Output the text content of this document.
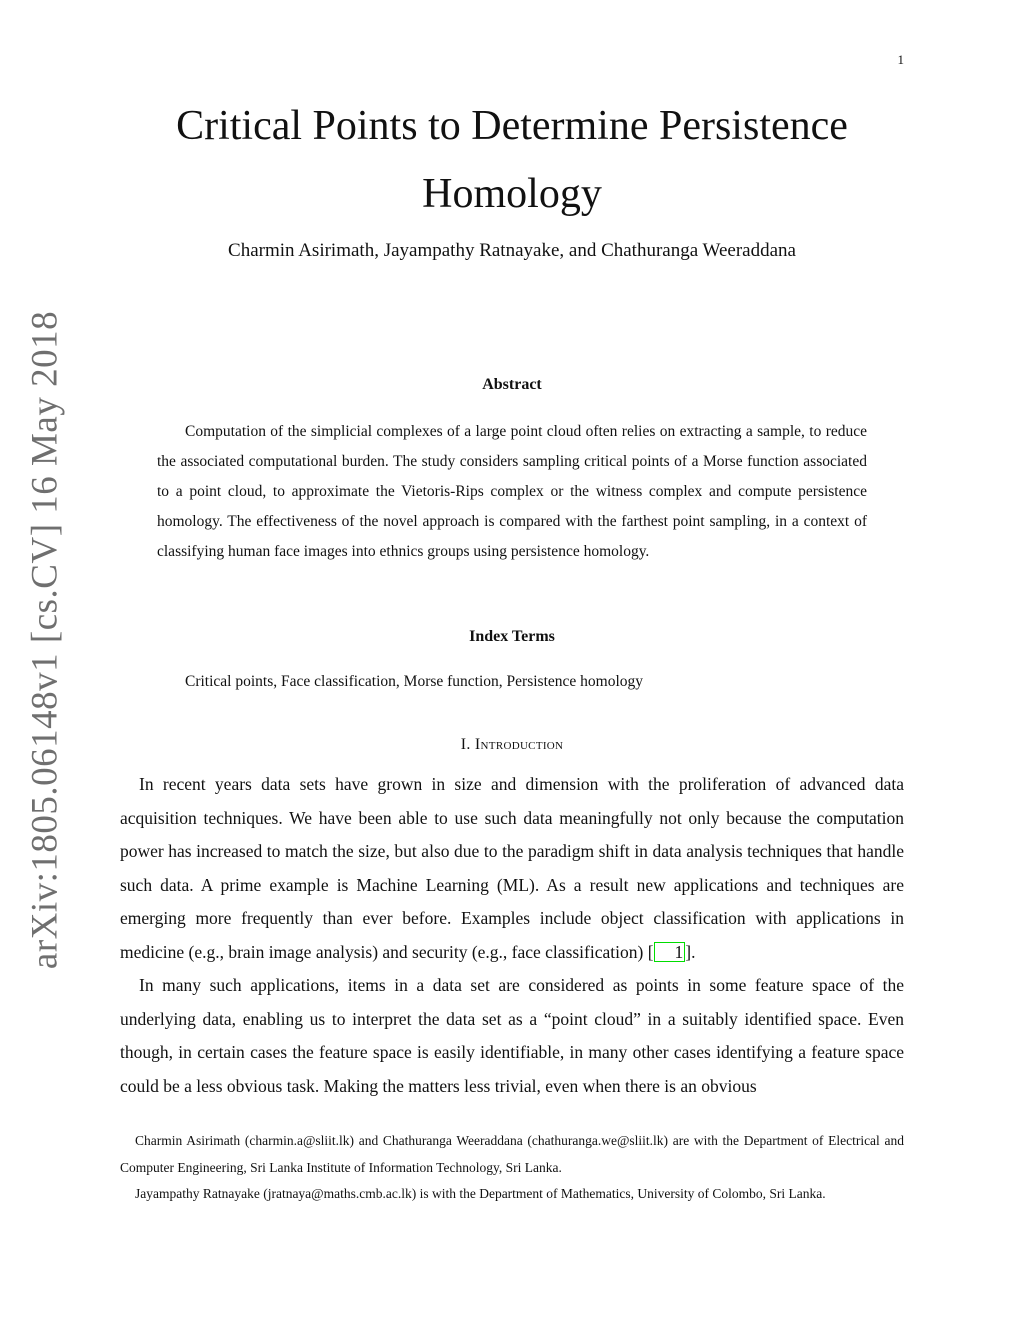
1
arXiv:1805.06148v1 [cs.CV] 16 May 2018
Critical Points to Determine Persistence
Homology
Charmin Asirimath, Jayampathy Ratnayake, and Chathuranga Weeraddana
Abstract

Computation of the simplicial complexes of a large point cloud often relies on extracting a sample, to reduce the associated computational burden. The study considers sampling critical points of a Morse function associated to a point cloud, to approximate the Vietoris-Rips complex or the witness complex and compute persistence homology. The effectiveness of the novel approach is compared with the farthest point sampling, in a context of classifying human face images into ethnics groups using persistence homology.

Index Terms
Critical points, Face classification, Morse function, Persistence homology
I. Introduction

In recent years data sets have grown in size and dimension with the proliferation of advanced data acquisition techniques. We have been able to use such data meaningfully not only because the computation power has increased to match the size, but also due to the paradigm shift in data analysis techniques that handle such data. A prime example is Machine Learning (ML). As a result new applications and techniques are emerging more frequently than ever before. Examples include object classification with applications in medicine (e.g., brain image analysis) and security (e.g., face classification) [ 1 ].

In many such applications, items in a data set are considered as points in some feature space of the underlying data, enabling us to interpret the data set as a “point cloud” in a suitably identified space. Even though, in certain cases the feature space is easily identifiable, in many other cases identifying a feature space could be a less obvious task. Making the matters less trivial, even when there is an obvious

Charmin Asirimath (charmin.a@sliit.lk) and Chathuranga Weeraddana (chathuranga.we@sliit.lk) are with the Department of Electrical and Computer Engineering, Sri Lanka Institute of Information Technology, Sri Lanka.

Jayampathy Ratnayake (jratnaya@maths.cmb.ac.lk) is with the Department of Mathematics, University of Colombo, Sri Lanka.
